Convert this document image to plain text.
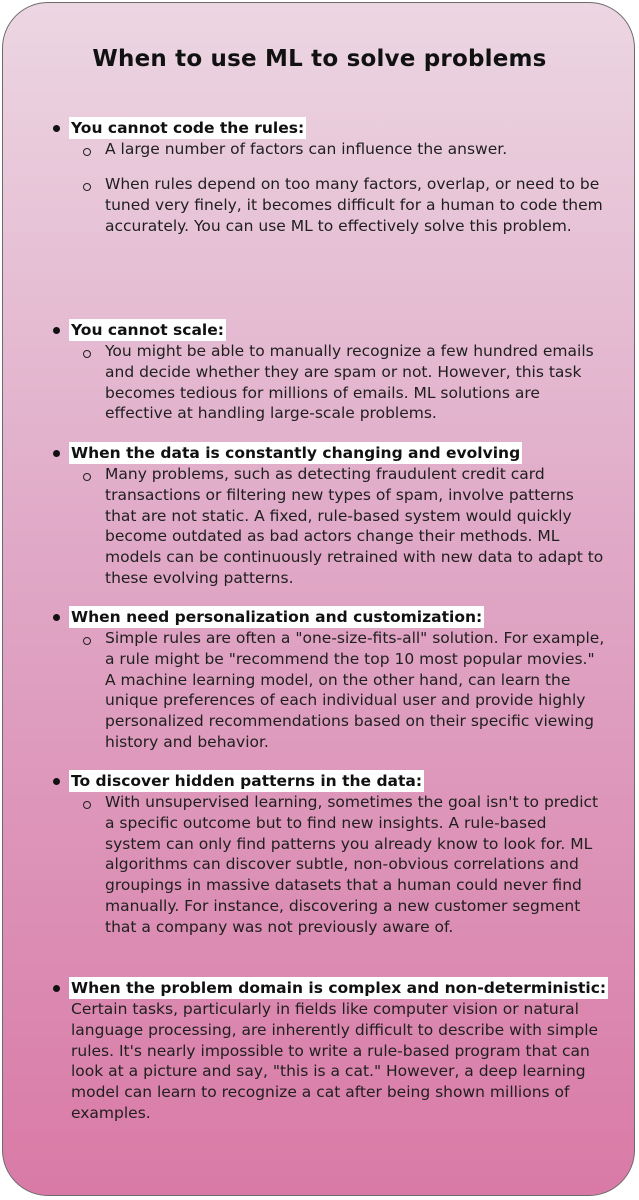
When to use ML to solve problems
You cannot code the rules:
A large number of factors can influence the answer.
When rules depend on too many factors, overlap, or need to be tuned very finely, it becomes difficult for a human to code them accurately. You can use ML to effectively solve this problem.
You cannot scale:
You might be able to manually recognize a few hundred emails and decide whether they are spam or not. However, this task becomes tedious for millions of emails. ML solutions are effective at handling large-scale problems.
When the data is constantly changing and evolving
Many problems, such as detecting fraudulent credit card transactions or filtering new types of spam, involve patterns that are not static. A fixed, rule-based system would quickly become outdated as bad actors change their methods. ML models can be continuously retrained with new data to adapt to these evolving patterns.
When need personalization and customization:
Simple rules are often a "one-size-fits-all" solution. For example, a rule might be "recommend the top 10 most popular movies." A machine learning model, on the other hand, can learn the unique preferences of each individual user and provide highly personalized recommendations based on their specific viewing history and behavior.
To discover hidden patterns in the data:
With unsupervised learning, sometimes the goal isn't to predict a specific outcome but to find new insights. A rule-based system can only find patterns you already know to look for. ML algorithms can discover subtle, non-obvious correlations and groupings in massive datasets that a human could never find manually. For instance, discovering a new customer segment that a company was not previously aware of.
When the problem domain is complex and non-deterministic:
Certain tasks, particularly in fields like computer vision or natural language processing, are inherently difficult to describe with simple rules. It's nearly impossible to write a rule-based program that can look at a picture and say, "this is a cat." However, a deep learning model can learn to recognize a cat after being shown millions of examples.
